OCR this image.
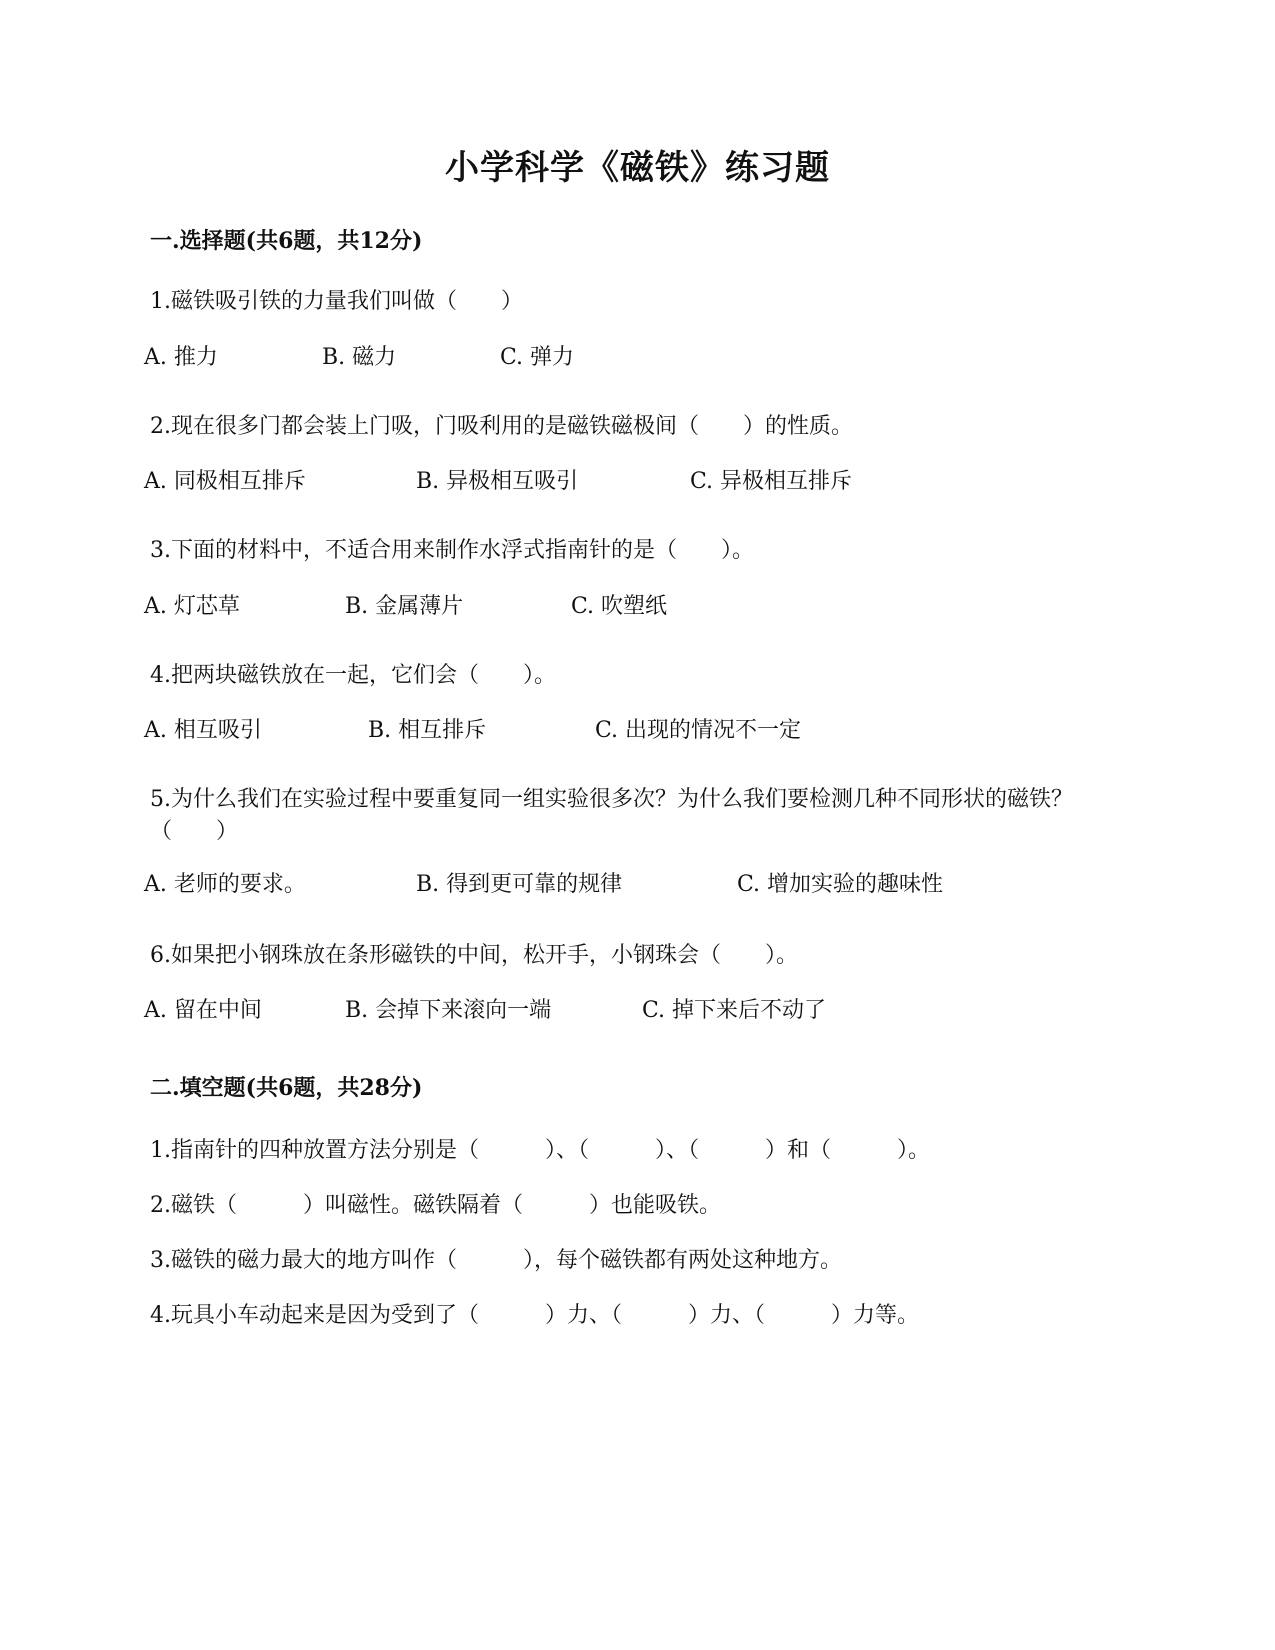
小学科学《磁铁》练习题
一.选择题(共6题，共12分)
1.磁铁吸引铁的力量我们叫做（　　）
A. 推力	B. 磁力	C. 弹力
2.现在很多门都会装上门吸，门吸利用的是磁铁磁极间（　　）的性质。
A. 同极相互排斥	B. 异极相互吸引	C. 异极相互排斥
3.下面的材料中，不适合用来制作水浮式指南针的是（　　）。
A. 灯芯草	B. 金属薄片	C. 吹塑纸
4.把两块磁铁放在一起，它们会（　　）。
A. 相互吸引	B. 相互排斥	C. 出现的情况不一定
5.为什么我们在实验过程中要重复同一组实验很多次？为什么我们要检测几种不同形状的磁铁？（　　）
A. 老师的要求。	B. 得到更可靠的规律	C. 增加实验的趣味性
6.如果把小钢珠放在条形磁铁的中间，松开手，小钢珠会（　　）。
A. 留在中间	B. 会掉下来滚向一端	C. 掉下来后不动了
二.填空题(共6题，共28分)
1.指南针的四种放置方法分别是（　　　）、（　　　）、（　　　）和（　　　）。
2.磁铁（　　　）叫磁性。磁铁隔着（　　　）也能吸铁。
3.磁铁的磁力最大的地方叫作（　　　），每个磁铁都有两处这种地方。
4.玩具小车动起来是因为受到了（　　　）力、（　　　）力、（　　　）力等。
